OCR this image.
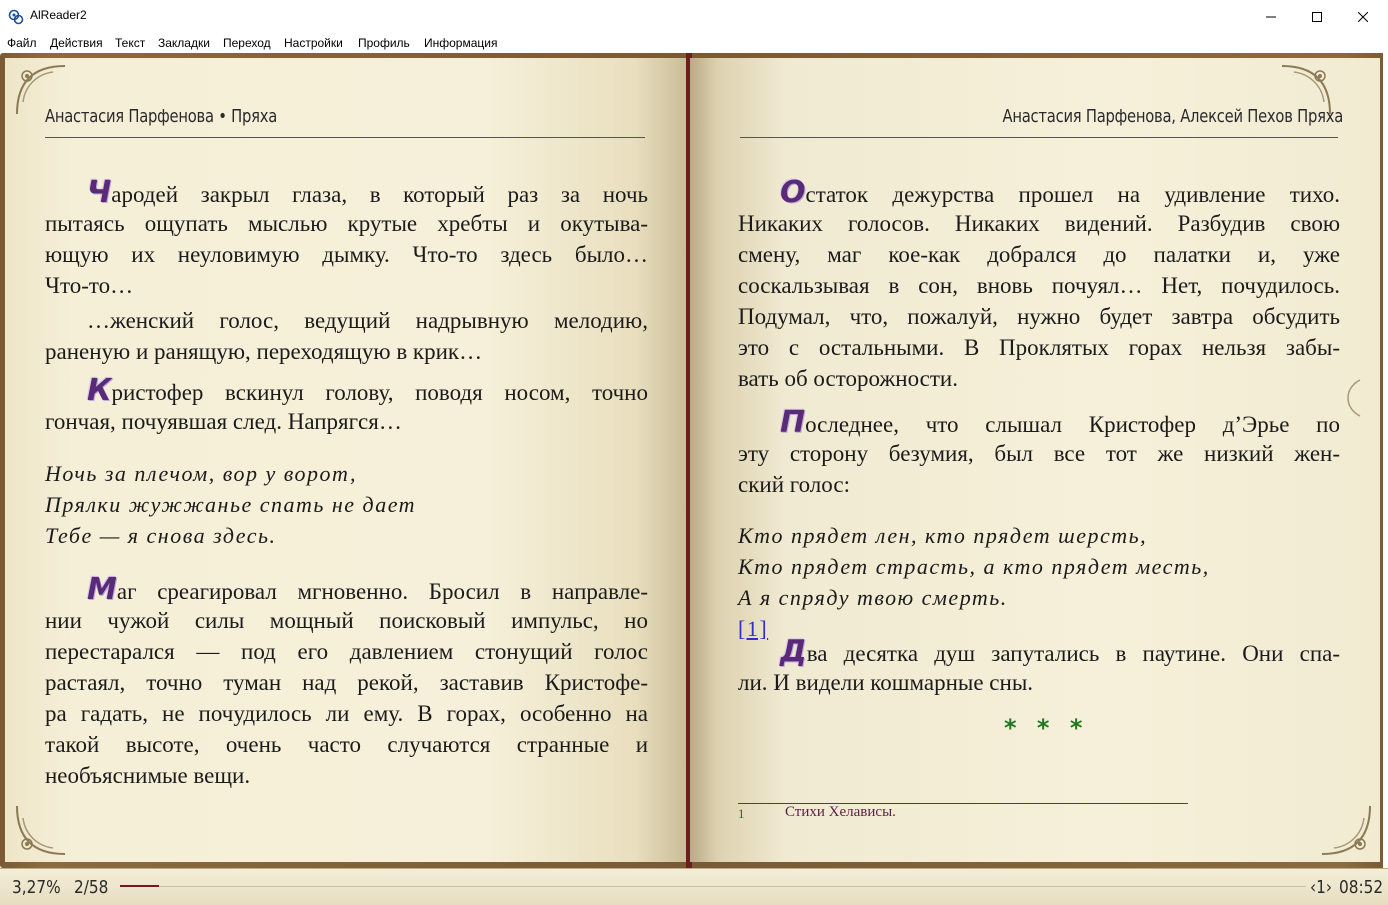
AlReader2
Файл Действия Текст Закладки Переход Настройки Профиль Информация
Анастасия Парфенова • Пряха
Чародей закрыл глаза, в который раз за ночь
пытаясь ощупать мыслью крутые хребты и окутыва-
ющую их неуловимую дымку. Что-то здесь было…
Что-то…
…женский голос, ведущий надрывную мелодию,
раненую и ранящую, переходящую в крик…
Кристофер вскинул голову, поводя носом, точно
гончая, почуявшая след. Напрягся…
Ночь за плечом, вор у ворот,
Прялки жужжанье спать не дает
Тебе — я снова здесь.
Маг среагировал мгновенно. Бросил в направле-
нии чужой силы мощный поисковый импульс, но
перестарался — под его давлением стонущий голос
растаял, точно туман над рекой, заставив Кристофе-
ра гадать, не почудилось ли ему. В горах, особенно на
такой высоте, очень часто случаются странные и
необъяснимые вещи.
Анастасия Парфенова, Алексей Пехов Пряха
Остаток дежурства прошел на удивление тихо.
Никаких голосов. Никаких видений. Разбудив свою
смену, маг кое-как добрался до палатки и, уже
соскальзывая в сон, вновь почуял… Нет, почудилось.
Подумал, что, пожалуй, нужно будет завтра обсудить
это с остальными. В Проклятых горах нельзя забы-
вать об осторожности.
Последнее, что слышал Кристофер д’Эрье по
эту сторону безумия, был все тот же низкий жен-
ский голос:
Кто прядет лен, кто прядет шерсть,
Кто прядет страсть, а кто прядет месть,
А я спряду твою смерть.
[1]
Два десятка душ запутались в паутине. Они спа-
ли. И видели кошмарные сны.
* * *
1	Стихи Хелависы.
3,27% 2/58	‹1› 08:52
